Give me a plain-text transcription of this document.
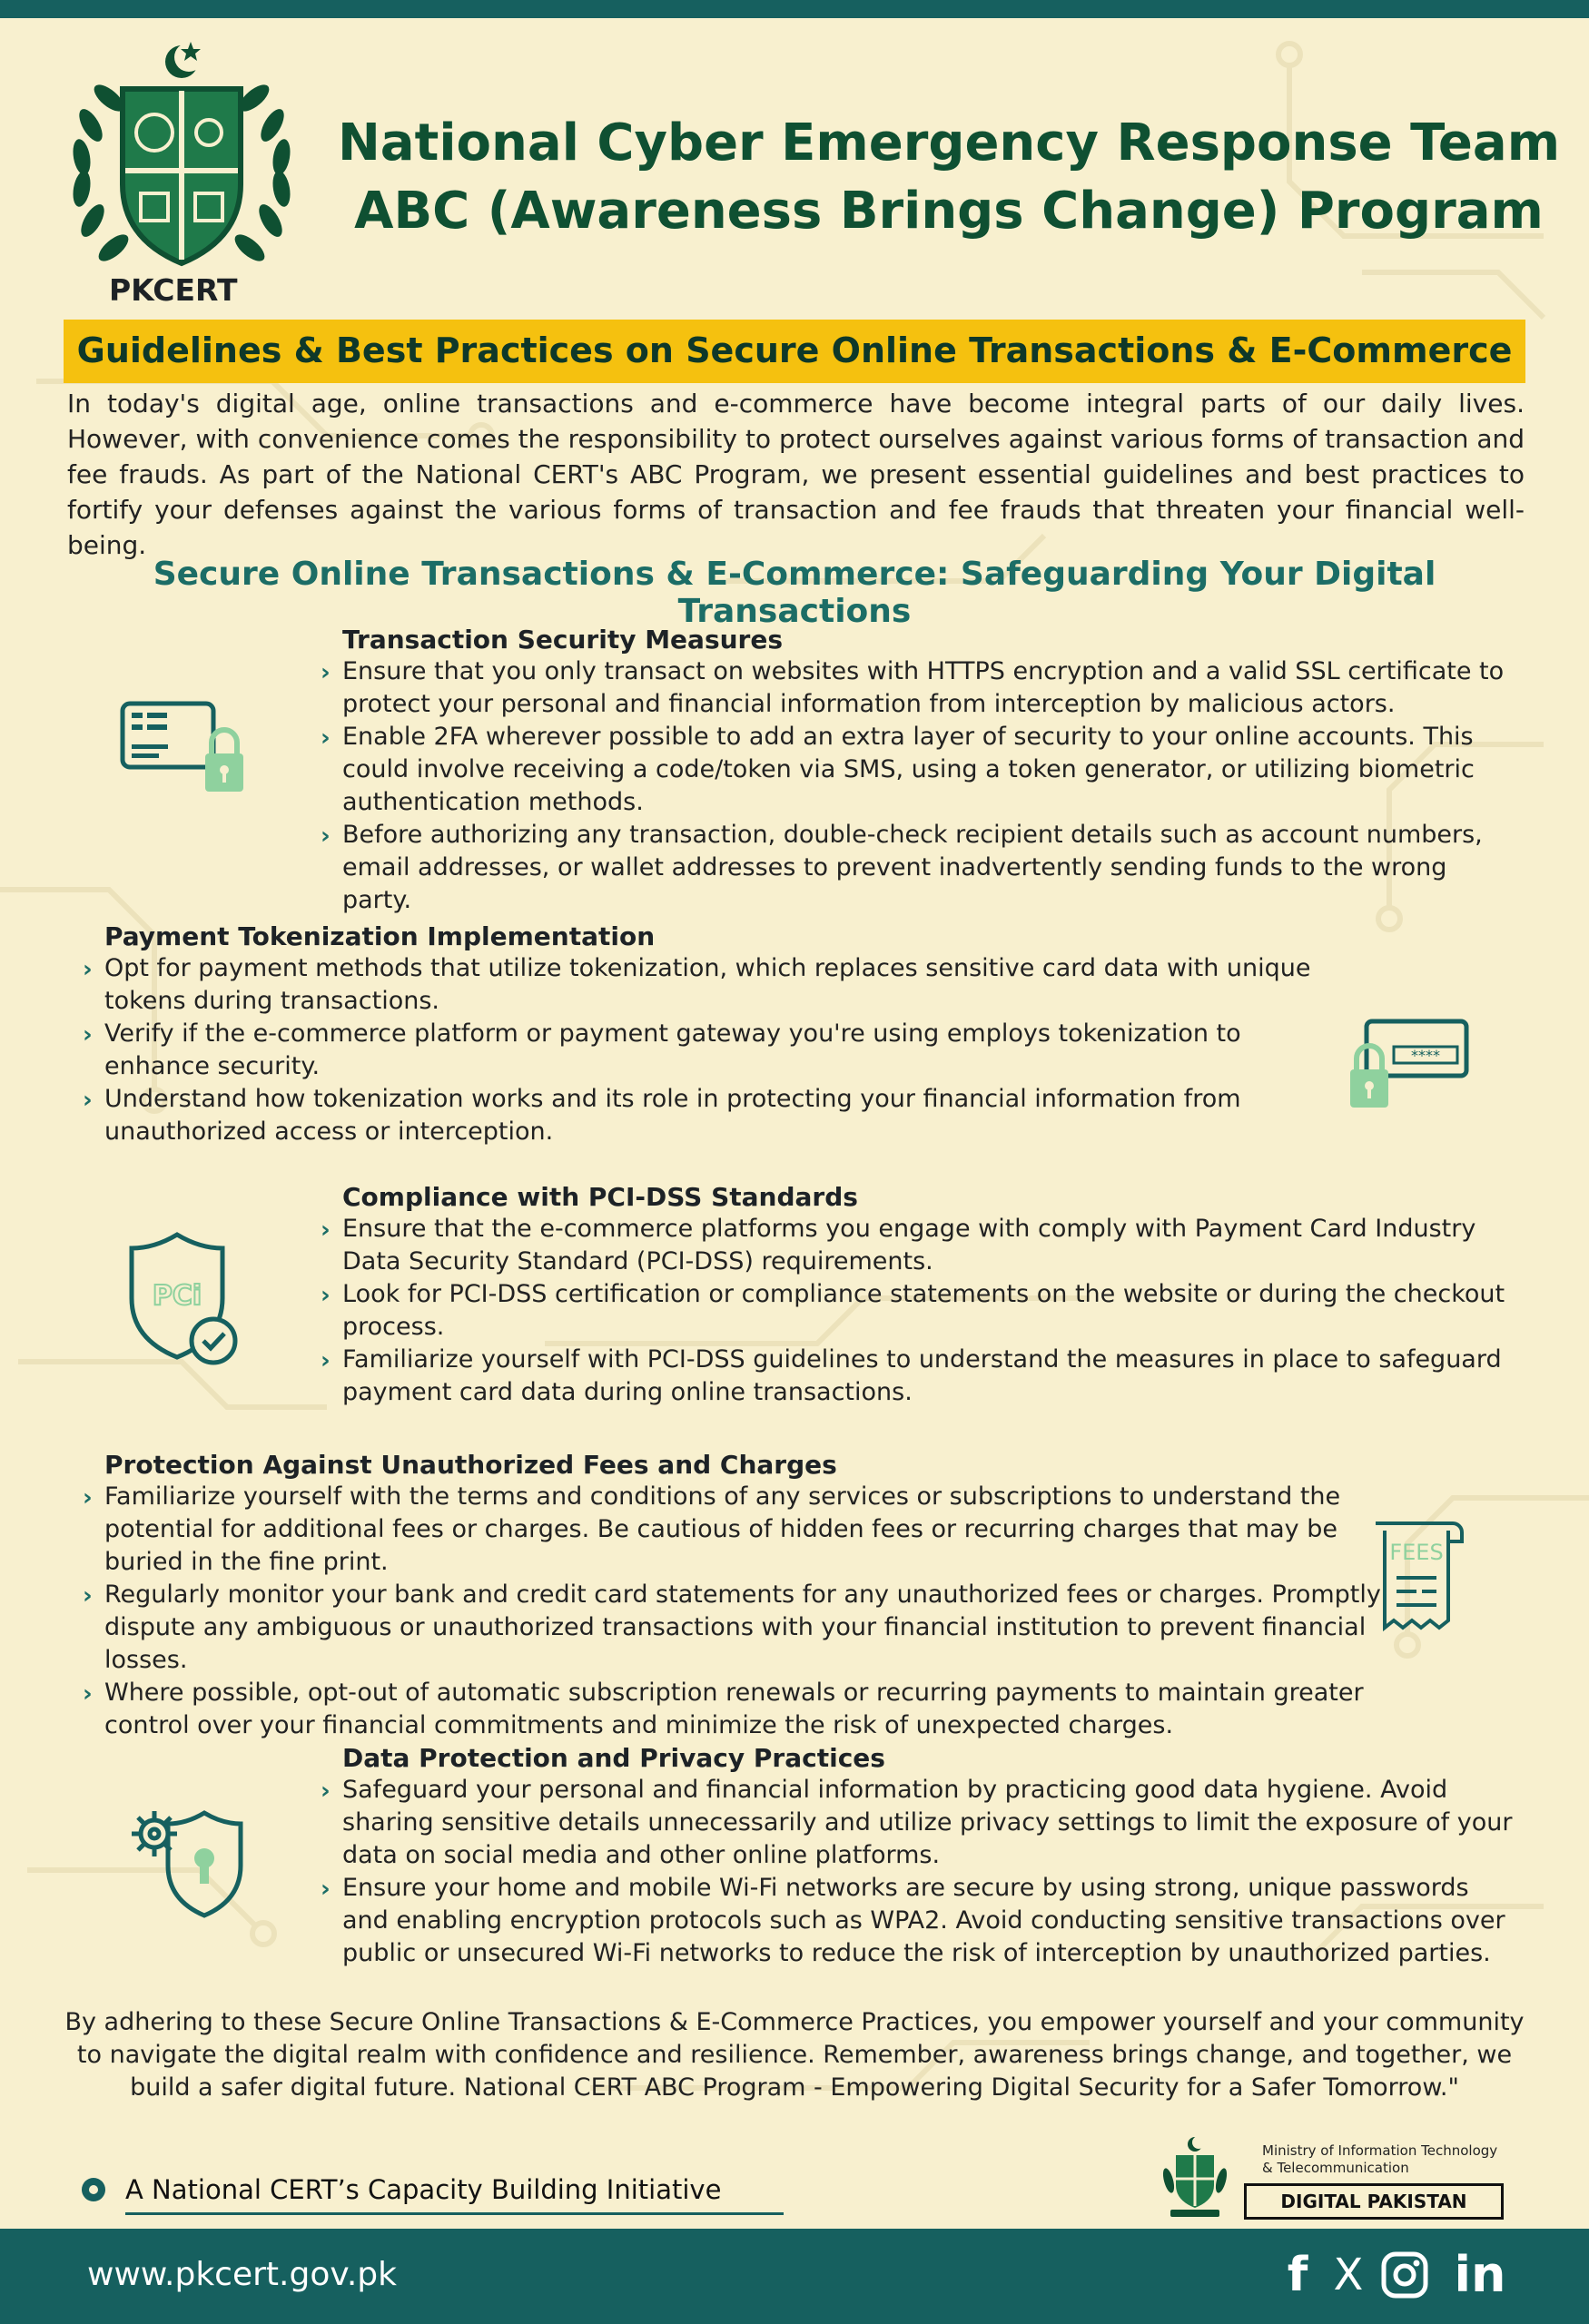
PKCERT
National Cyber Emergency Response Team
ABC (Awareness Brings Change) Program
Guidelines & Best Practices on Secure Online Transactions & E-Commerce
In today's digital age, online transactions and e-commerce have become integral parts of our daily lives. However, with convenience comes the responsibility to protect ourselves against various forms of transaction and fee frauds. As part of the National CERT's ABC Program, we present essential guidelines and best practices to fortify your defenses against the various forms of transaction and fee frauds that threaten your financial well-being.
Secure Online Transactions & E-Commerce: Safeguarding Your Digital Transactions
Transaction Security Measures
› Ensure that you only transact on websites with HTTPS encryption and a valid SSL certificate to protect your personal and financial information from interception by malicious actors.
› Enable 2FA wherever possible to add an extra layer of security to your online accounts. This could involve receiving a code/token via SMS, using a token generator, or utilizing biometric authentication methods.
› Before authorizing any transaction, double-check recipient details such as account numbers, email addresses, or wallet addresses to prevent inadvertently sending funds to the wrong party.
Payment Tokenization Implementation
› Opt for payment methods that utilize tokenization, which replaces sensitive card data with unique tokens during transactions.
› Verify if the e-commerce platform or payment gateway you're using employs tokenization to enhance security.
› Understand how tokenization works and its role in protecting your financial information from unauthorized access or interception.
****
PCi
Compliance with PCI-DSS Standards
› Ensure that the e-commerce platforms you engage with comply with Payment Card Industry Data Security Standard (PCI-DSS) requirements.
› Look for PCI-DSS certification or compliance statements on the website or during the checkout process.
› Familiarize yourself with PCI-DSS guidelines to understand the measures in place to safeguard payment card data during online transactions.
Protection Against Unauthorized Fees and Charges
› Familiarize yourself with the terms and conditions of any services or subscriptions to understand the potential for additional fees or charges. Be cautious of hidden fees or recurring charges that may be buried in the fine print.
› Regularly monitor your bank and credit card statements for any unauthorized fees or charges. Promptly dispute any ambiguous or unauthorized transactions with your financial institution to prevent financial losses.
› Where possible, opt-out of automatic subscription renewals or recurring payments to maintain greater control over your financial commitments and minimize the risk of unexpected charges.
FEES
Data Protection and Privacy Practices
› Safeguard your personal and financial information by practicing good data hygiene. Avoid sharing sensitive details unnecessarily and utilize privacy settings to limit the exposure of your data on social media and other online platforms.
› Ensure your home and mobile Wi-Fi networks are secure by using strong, unique passwords and enabling encryption protocols such as WPA2. Avoid conducting sensitive transactions over public or unsecured Wi-Fi networks to reduce the risk of interception by unauthorized parties.
By adhering to these Secure Online Transactions & E-Commerce Practices, you empower yourself and your community to navigate the digital realm with confidence and resilience. Remember, awareness brings change, and together, we build a safer digital future. National CERT ABC Program - Empowering Digital Security for a Safer Tomorrow."
A National CERT’s Capacity Building Initiative
Ministry of Information Technology
& Telecommunication
DIGITAL PAKISTAN
www.pkcert.gov.pk	f X in
